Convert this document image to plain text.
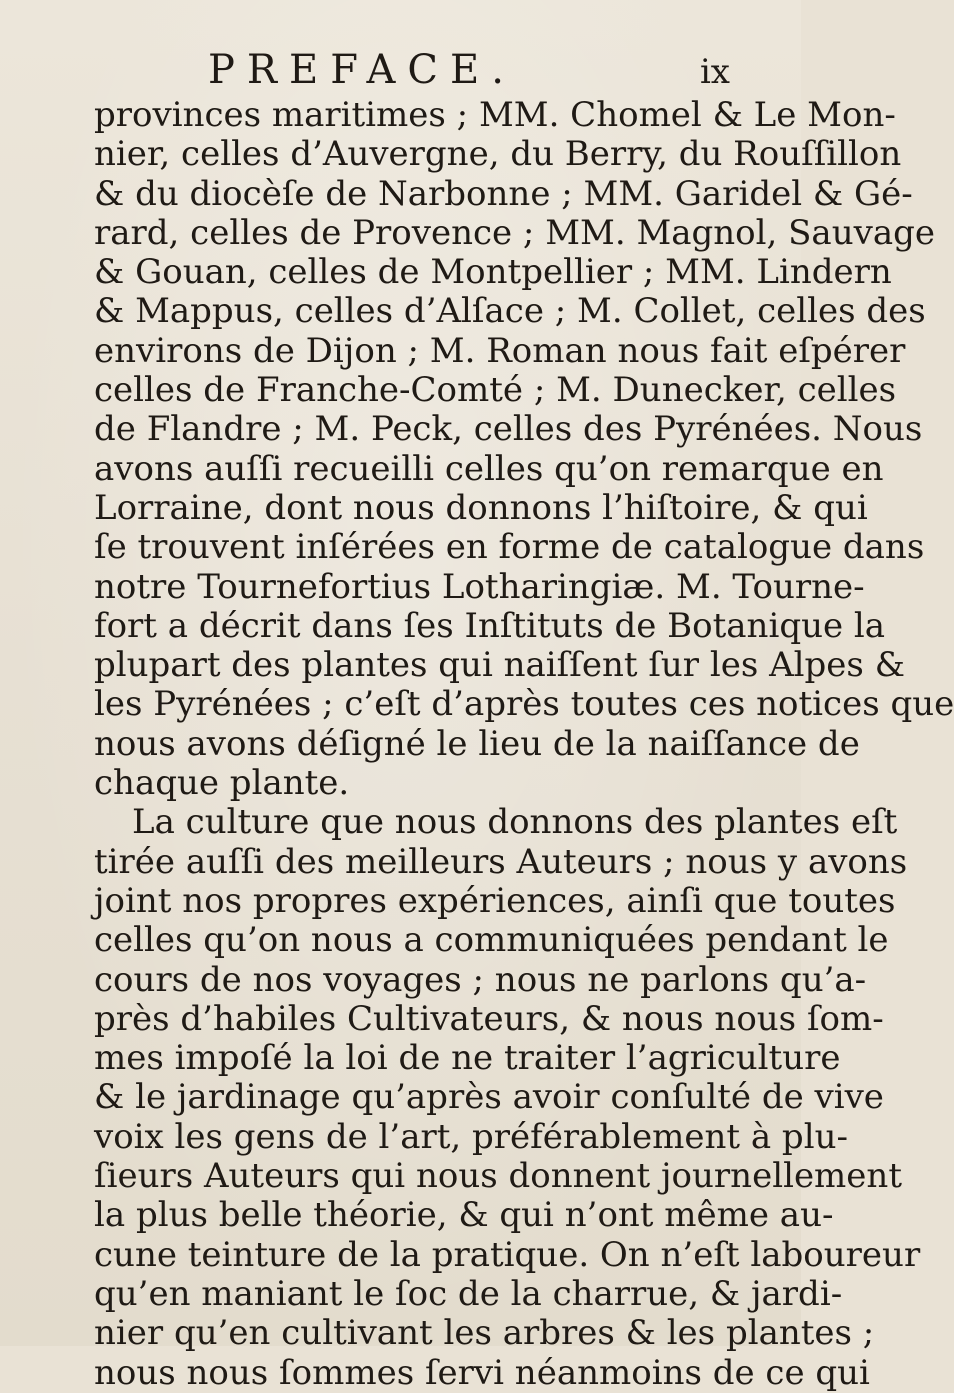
PREFACE.	ix
provinces maritimes ; MM. Chomel & Le Mon-
nier, celles d’Auvergne, du Berry, du Rouſſillon
& du diocèſe de Narbonne ; MM. Garidel & Gé-
rard, celles de Provence ; MM. Magnol, Sauvage
& Gouan, celles de Montpellier ; MM. Lindern
& Mappus, celles d’Alſace ; M. Collet, celles des
environs de Dijon ; M. Roman nous fait eſpérer
celles de Franche-Comté ; M. Dunecker, celles
de Flandre ; M. Peck, celles des Pyrénées. Nous
avons auſſi recueilli celles qu’on remarque en
Lorraine, dont nous donnons l’hiſtoire, & qui
ſe trouvent inſérées en forme de catalogue dans
notre Tournefortius Lotharingiæ. M. Tourne-
fort a décrit dans ſes Inſtituts de Botanique la
plupart des plantes qui naiſſent ſur les Alpes &
les Pyrénées ; c’eſt d’après toutes ces notices que
nous avons déſigné le lieu de la naiſſance de
chaque plante.
La culture que nous donnons des plantes eſt
tirée auſſi des meilleurs Auteurs ; nous y avons
joint nos propres expériences, ainſi que toutes
celles qu’on nous a communiquées pendant le
cours de nos voyages ; nous ne parlons qu’a-
près d’habiles Cultivateurs, & nous nous ſom-
mes impoſé la loi de ne traiter l’agriculture
& le jardinage qu’après avoir conſulté de vive
voix les gens de l’art, préférablement à plu-
ſieurs Auteurs qui nous donnent journellement
la plus belle théorie, & qui n’ont même au-
cune teinture de la pratique. On n’eſt laboureur
qu’en maniant le ſoc de la charrue, & jardi-
nier qu’en cultivant les arbres & les plantes ;
nous nous ſommes ſervi néanmoins de ce qui
